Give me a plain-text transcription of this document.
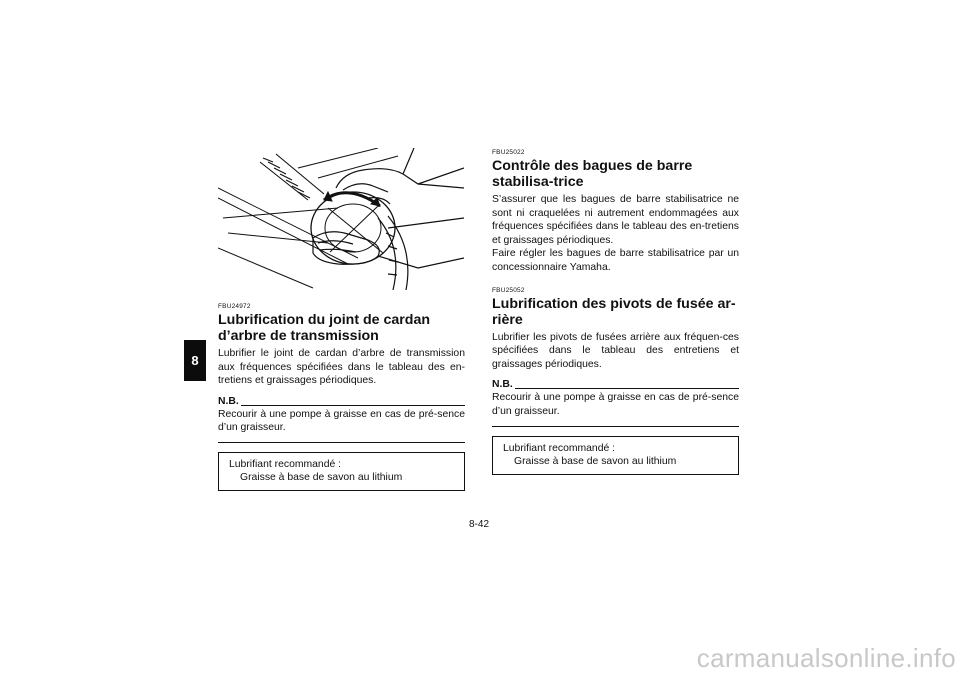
8
FBU24972
Lubrification du joint de cardan d’arbre de transmission
Lubrifier le joint de cardan d’arbre de transmission aux fréquences spécifiées dans le tableau des en-tretiens et graissages périodiques.
N.B.
Recourir à une pompe à graisse en cas de pré-sence d’un graisseur.
Lubrifiant recommandé :
Graisse à base de savon au lithium
FBU25022
Contrôle des bagues de barre stabilisa-trice
S’assurer que les bagues de barre stabilisatrice ne sont ni craquelées ni autrement endommagées aux fréquences spécifiées dans le tableau des en-tretiens et graissages périodiques.
Faire régler les bagues de barre stabilisatrice par un concessionnaire Yamaha.
FBU25052
Lubrification des pivots de fusée ar-rière
Lubrifier les pivots de fusées arrière aux fréquen-ces spécifiées dans le tableau des entretiens et graissages périodiques.
N.B.
Recourir à une pompe à graisse en cas de pré-sence d’un graisseur.
Lubrifiant recommandé :
Graisse à base de savon au lithium
8-42
carmanualsonline.info
